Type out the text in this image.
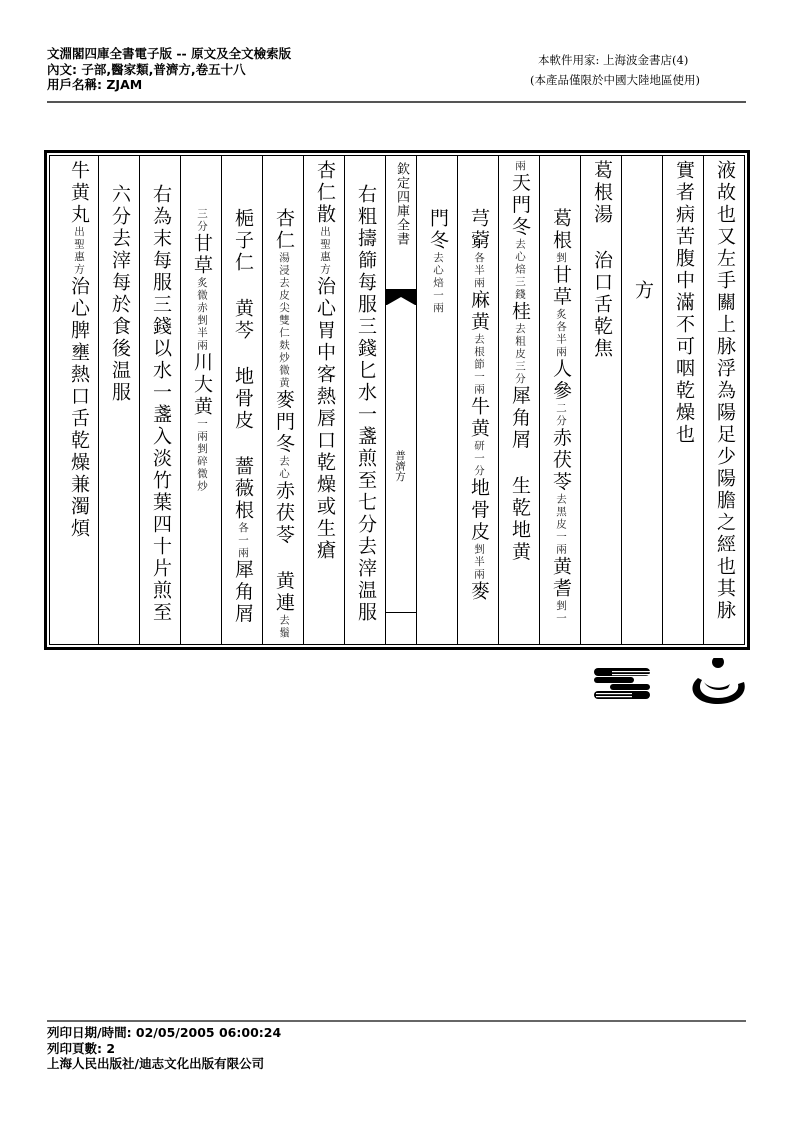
文淵閣四庫全書電子版 -- 原文及全文檢索版
內文: 子部,醫家類,普濟方,卷五十八
用戶名稱: ZJAM
本軟件用家: 上海波金書店(4)
(本產品僅限於中國大陸地區使用)
液故也又左手關上脉浮為陽足少陽膽之經也其脉
實者病苦腹中滿不可咽乾燥也
方
葛根湯治口舌乾焦
葛根剉甘草炙各半兩人參二分赤茯苓去黑皮一兩黄耆剉一
兩天門冬去心焙三錢桂去粗皮三分犀角屑生乾地黄
芎藭各半兩麻黄去根節一兩牛黄研一分地骨皮剉半兩麥
門冬去心焙一兩
欽定四庫全書
普濟方
右粗擣篩每服三錢匕水一盞煎至七分去滓温服
杏仁散出聖惠方治心胃中客熱唇口乾燥或生瘡
杏仁湯浸去皮尖雙仁麸炒微黄麥門冬去心赤茯苓黄連去鬚
梔子仁黄芩地骨皮薔薇根各一兩犀角屑
三分甘草炙微赤剉半兩川大黄一兩剉碎微炒
右為末每服三錢以水一盞入淡竹葉四十片煎至
六分去滓每於食後温服
牛黄丸出聖惠方治心脾壅熱口舌乾燥兼濁煩
列印日期/時間: 02/05/2005 06:00:24
列印頁數: 2
上海人民出版社/迪志文化出版有限公司
